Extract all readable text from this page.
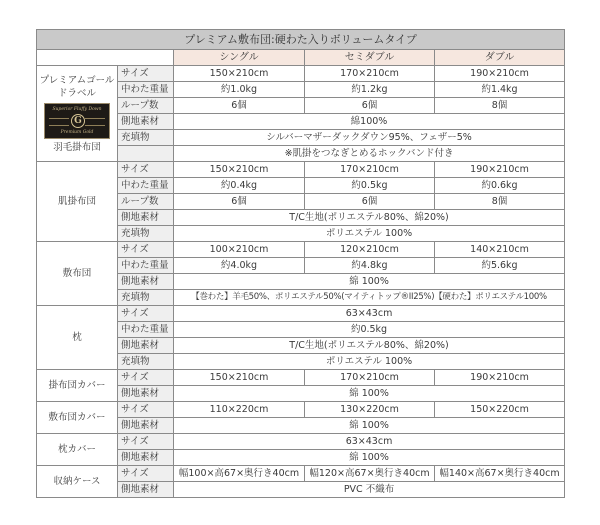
プレミアム敷布団:硬わた入りボリュームタイプ				
		シングル	セミダブル	ダブル

プレミアムゴールドラベル
Superior Fluffy Down
G
Premium Gold
羽毛掛布団	サイズ	150×210cm	170×210cm	190×210cm
	中わた重量	約1.0kg	約1.2kg	約1.4kg
	ループ数	6個	6個	8個
	側地素材	綿100%		
	充填物	シルバーマザーダックダウン95%、フェザー5%		
		※肌掛をつなぎとめるホックバンド付き		

肌掛布団	サイズ	150×210cm	170×210cm	190×210cm
	中わた重量	約0.4kg	約0.5kg	約0.6kg
	ループ数	6個	6個	8個
	側地素材	T/C生地(ポリエステル80%、綿20%)		
	充填物	ポリエステル 100%		

敷布団	サイズ	100×210cm	120×210cm	140×210cm
	中わた重量	約4.0kg	約4.8kg	約5.6kg
	側地素材	綿 100%		
	充填物	【巻わた】羊毛50%、ポリエステル50%(マイティトップ®II25%)【硬わた】ポリエステル100%		

枕	サイズ	63×43cm		
	中わた重量	約0.5kg		
	側地素材	T/C生地(ポリエステル80%、綿20%)		
	充填物	ポリエステル 100%		

掛布団カバー	サイズ	150×210cm	170×210cm	190×210cm
	側地素材	綿 100%		

敷布団カバー	サイズ	110×220cm	130×220cm	150×220cm
	側地素材	綿 100%		

枕カバー	サイズ	63×43cm		
	側地素材	綿 100%		

収納ケース	サイズ	幅100×高67×奥行き40cm	幅120×高67×奥行き40cm	幅140×高67×奥行き40cm
	側地素材	PVC 不織布		
